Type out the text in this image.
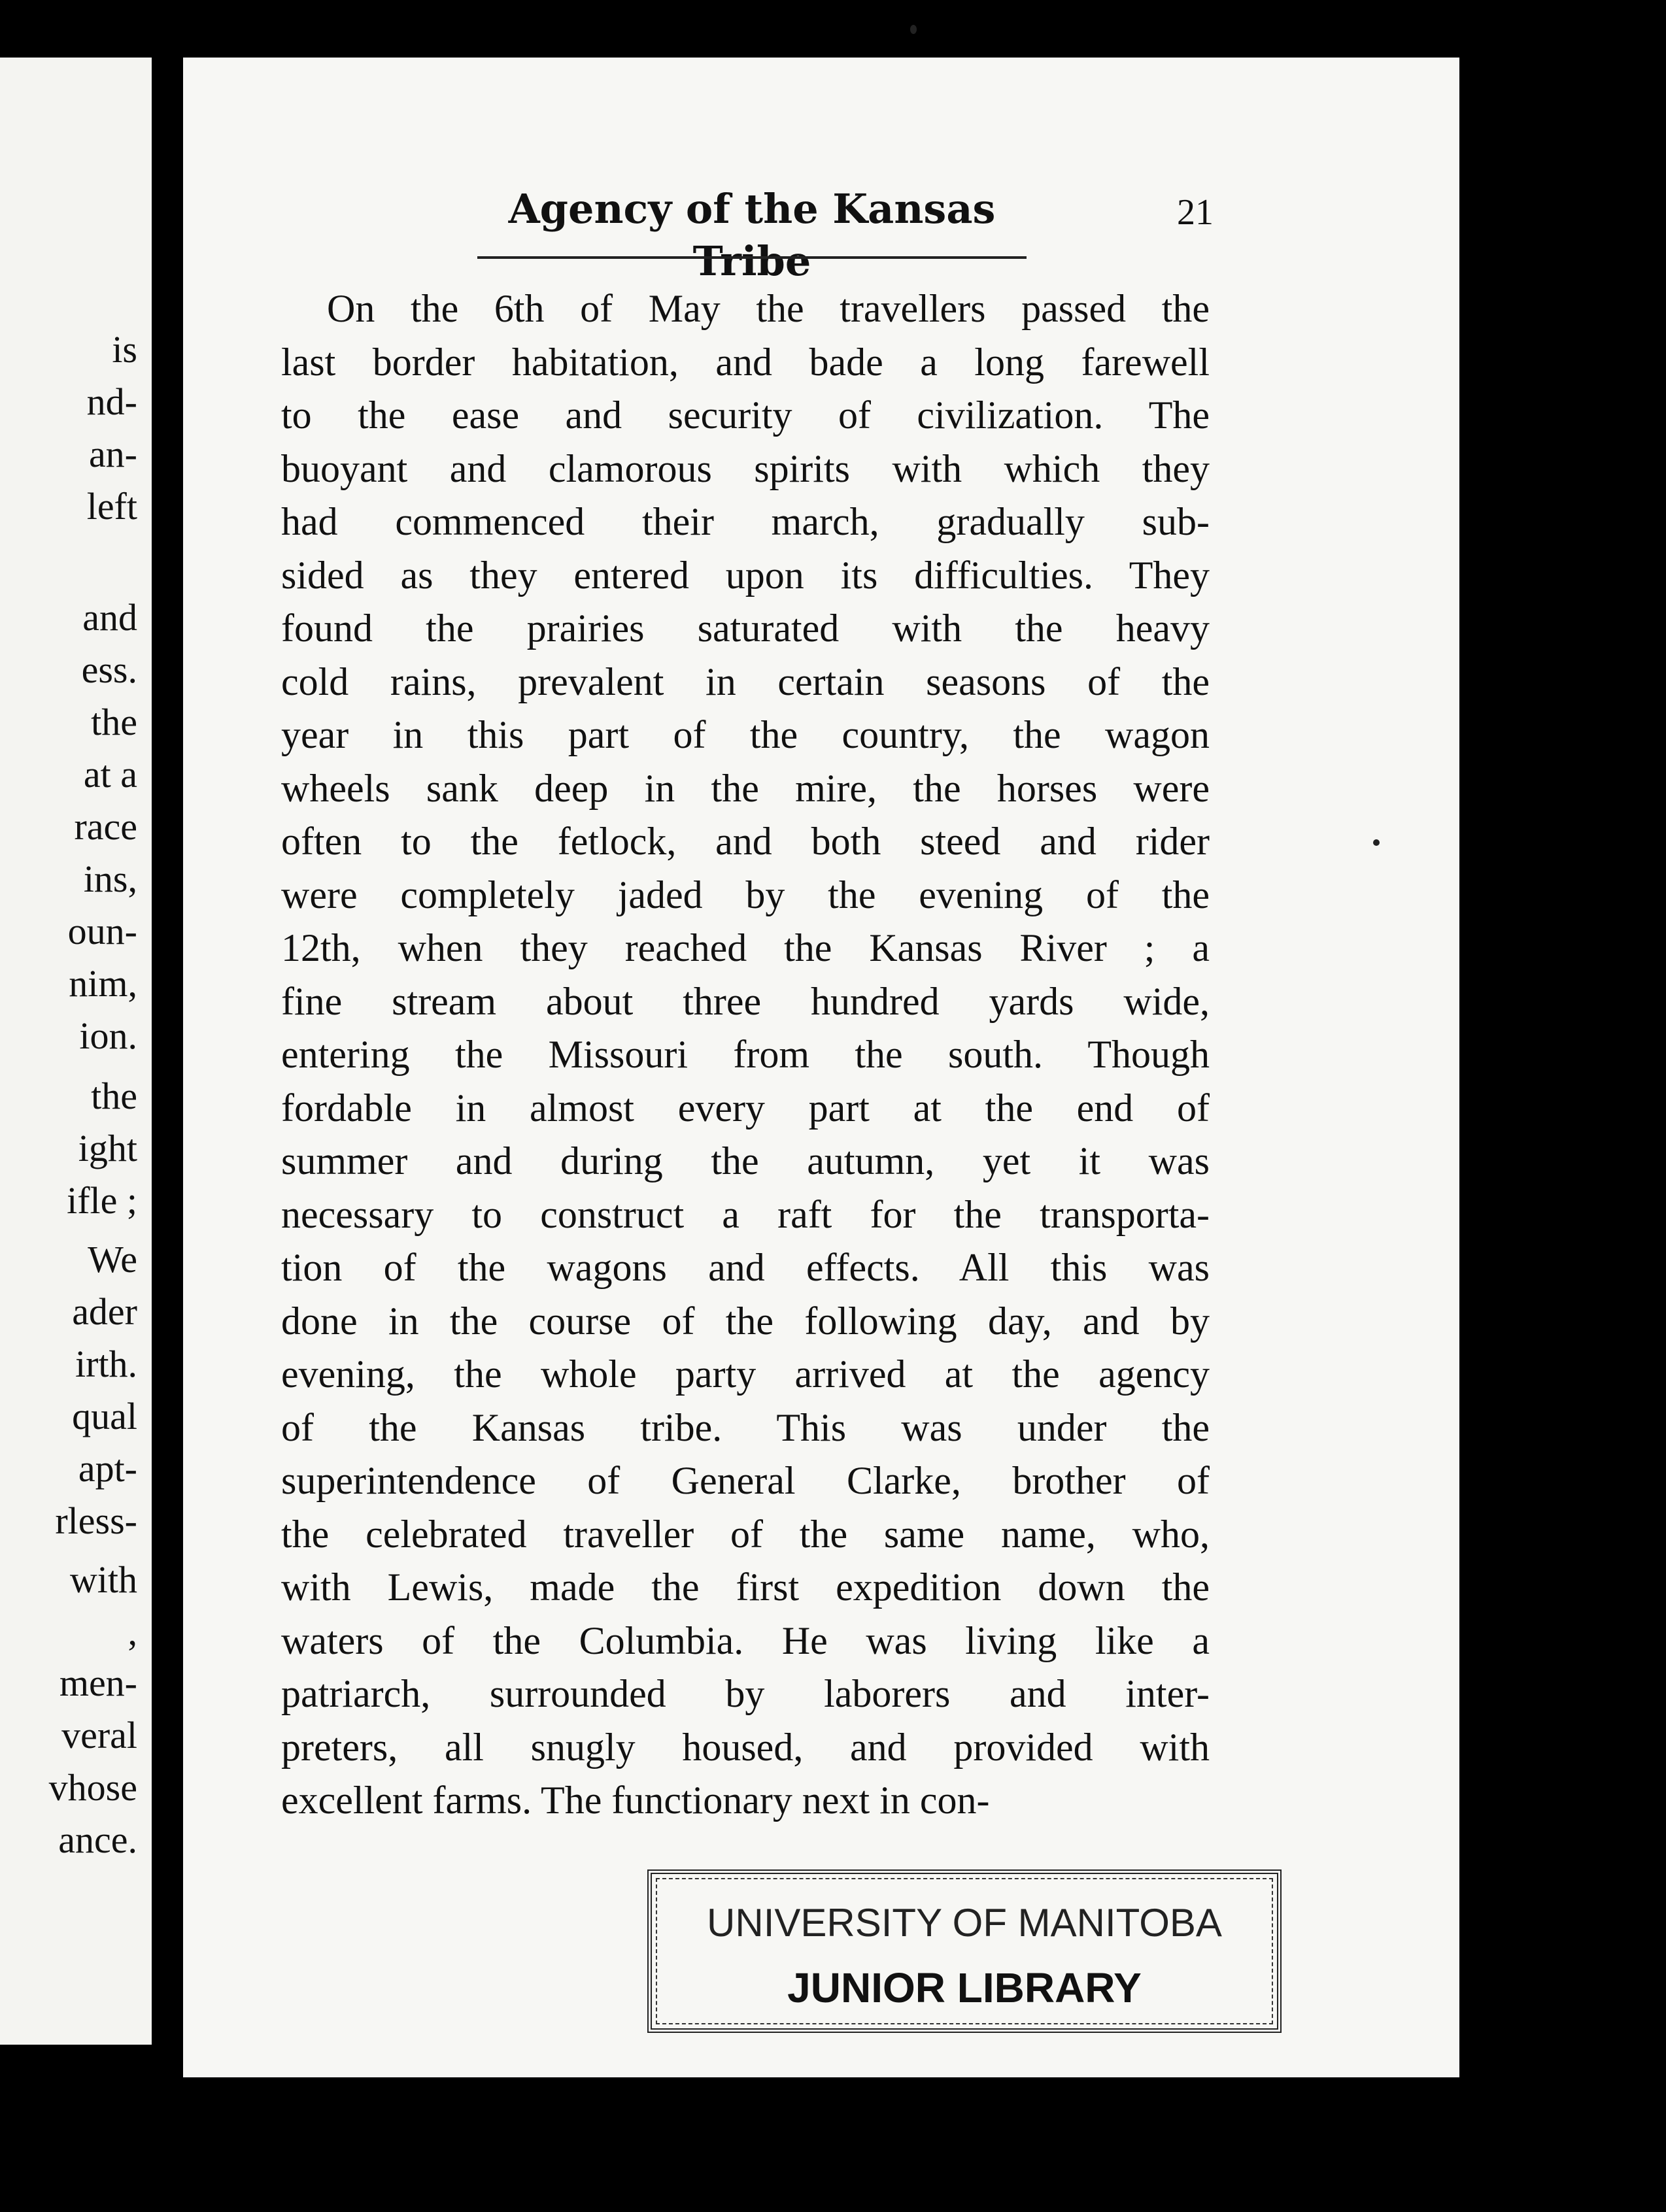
is

nd-

an-

left

and

ess.

the

at a

race

ins,

oun-

nim,

ion.

the

ight

ifle ;

We

ader

irth.

qual

apt-

rless-

with

,

men-

veral

vhose

ance.

Agency of the Kansas Tribe

21

On the 6th of May the travellers passed the
last border habitation, and bade a long farewell
to the ease and security of civilization. The
buoyant and clamorous spirits with which they
had commenced their march, gradually sub-
sided as they entered upon its difficulties. They
found the prairies saturated with the heavy
cold rains, prevalent in certain seasons of the
year in this part of the country, the wagon
wheels sank deep in the mire, the horses were
often to the fetlock, and both steed and rider
were completely jaded by the evening of the
12th, when they reached the Kansas River ; a
fine stream about three hundred yards wide,
entering the Missouri from the south. Though
fordable in almost every part at the end of
summer and during the autumn, yet it was
necessary to construct a raft for the transporta-
tion of the wagons and effects. All this was
done in the course of the following day, and by
evening, the whole party arrived at the agency
of the Kansas tribe. This was under the
superintendence of General Clarke, brother of
the celebrated traveller of the same name, who,
with Lewis, made the first expedition down the
waters of the Columbia. He was living like a
patriarch, surrounded by laborers and inter-
preters, all snugly housed, and provided with
excellent farms. The functionary next in con-

UNIVERSITY OF MANITOBA

JUNIOR LIBRARY
